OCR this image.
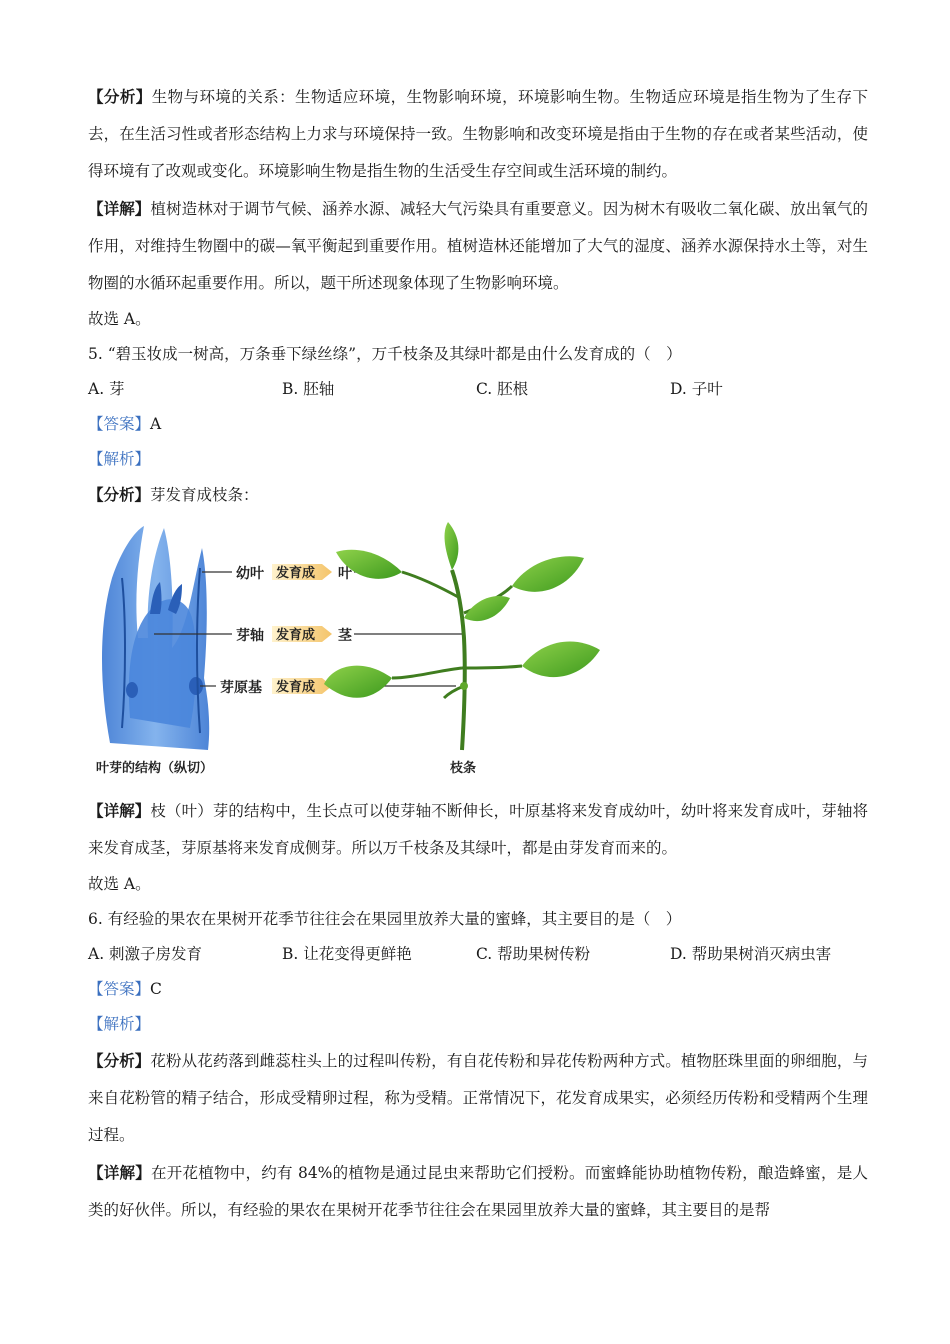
【分析】生物与环境的关系：生物适应环境，生物影响环境，环境影响生物。生物适应环境是指生物为了生存下去，在生活习性或者形态结构上力求与环境保持一致。生物影响和改变环境是指由于生物的存在或者某些活动，使得环境有了改观或变化。环境影响生物是指生物的生活受生存空间或生活环境的制约。

【详解】植树造林对于调节气候、涵养水源、减轻大气污染具有重要意义。因为树木有吸收二氧化碳、放出氧气的作用，对维持生物圈中的碳—氧平衡起到重要作用。植树造林还能增加了大气的湿度、涵养水源保持水土等，对生物圈的水循环起重要作用。所以，题干所述现象体现了生物影响环境。

故选 A。

5. “碧玉妆成一树高，万条垂下绿丝绦”，万千枝条及其绿叶都是由什么发育成的（　）

A. 芽	B. 胚轴	C. 胚根	D. 子叶

【答案】A

【解析】

【分析】芽发育成枝条：

幼叶 发育成 叶
芽轴 发育成 茎
芽原基 发育成
叶芽的结构（纵切）	枝条

【详解】枝（叶）芽的结构中，生长点可以使芽轴不断伸长，叶原基将来发育成幼叶，幼叶将来发育成叶，芽轴将来发育成茎，芽原基将来发育成侧芽。所以万千枝条及其绿叶，都是由芽发育而来的。

故选 A。

6. 有经验的果农在果树开花季节往往会在果园里放养大量的蜜蜂，其主要目的是（　）

A. 刺激子房发育	B. 让花变得更鲜艳	C. 帮助果树传粉	D. 帮助果树消灭病虫害

【答案】C

【解析】

【分析】花粉从花药落到雌蕊柱头上的过程叫传粉，有自花传粉和异花传粉两种方式。植物胚珠里面的卵细胞，与来自花粉管的精子结合，形成受精卵过程，称为受精。正常情况下，花发育成果实，必须经历传粉和受精两个生理过程。

【详解】在开花植物中，约有 84%的植物是通过昆虫来帮助它们授粉。而蜜蜂能协助植物传粉，酿造蜂蜜，是人类的好伙伴。所以，有经验的果农在果树开花季节往往会在果园里放养大量的蜜蜂，其主要目的是帮
